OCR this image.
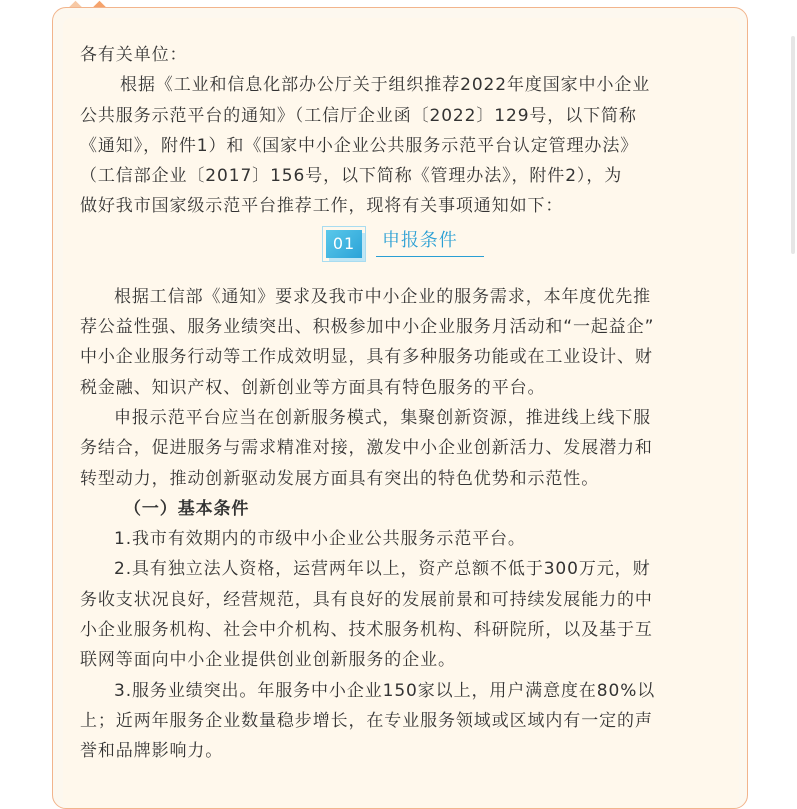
各有关单位：

根据《工业和信息化部办公厅关于组织推荐2022年度国家中小企业

公共服务示范平台的通知》（工信厅企业函〔2022〕129号，以下简称

《通知》，附件1）和《国家中小企业公共服务示范平台认定管理办法》

（工信部企业〔2017〕156号，以下简称《管理办法》，附件2），为

做好我市国家级示范平台推荐工作，现将有关事项通知如下：

01	申报条件

根据工信部《通知》要求及我市中小企业的服务需求，本年度优先推

荐公益性强、服务业绩突出、积极参加中小企业服务月活动和“一起益企”

中小企业服务行动等工作成效明显，具有多种服务功能或在工业设计、财

税金融、知识产权、创新创业等方面具有特色服务的平台。

申报示范平台应当在创新服务模式，集聚创新资源，推进线上线下服

务结合，促进服务与需求精准对接，激发中小企业创新活力、发展潜力和

转型动力，推动创新驱动发展方面具有突出的特色优势和示范性。

（一）基本条件

1.我市有效期内的市级中小企业公共服务示范平台。

2.具有独立法人资格，运营两年以上，资产总额不低于300万元，财

务收支状况良好，经营规范，具有良好的发展前景和可持续发展能力的中

小企业服务机构、社会中介机构、技术服务机构、科研院所，以及基于互

联网等面向中小企业提供创业创新服务的企业。

3.服务业绩突出。年服务中小企业150家以上，用户满意度在80%以

上；近两年服务企业数量稳步增长，在专业服务领域或区域内有一定的声

誉和品牌影响力。
